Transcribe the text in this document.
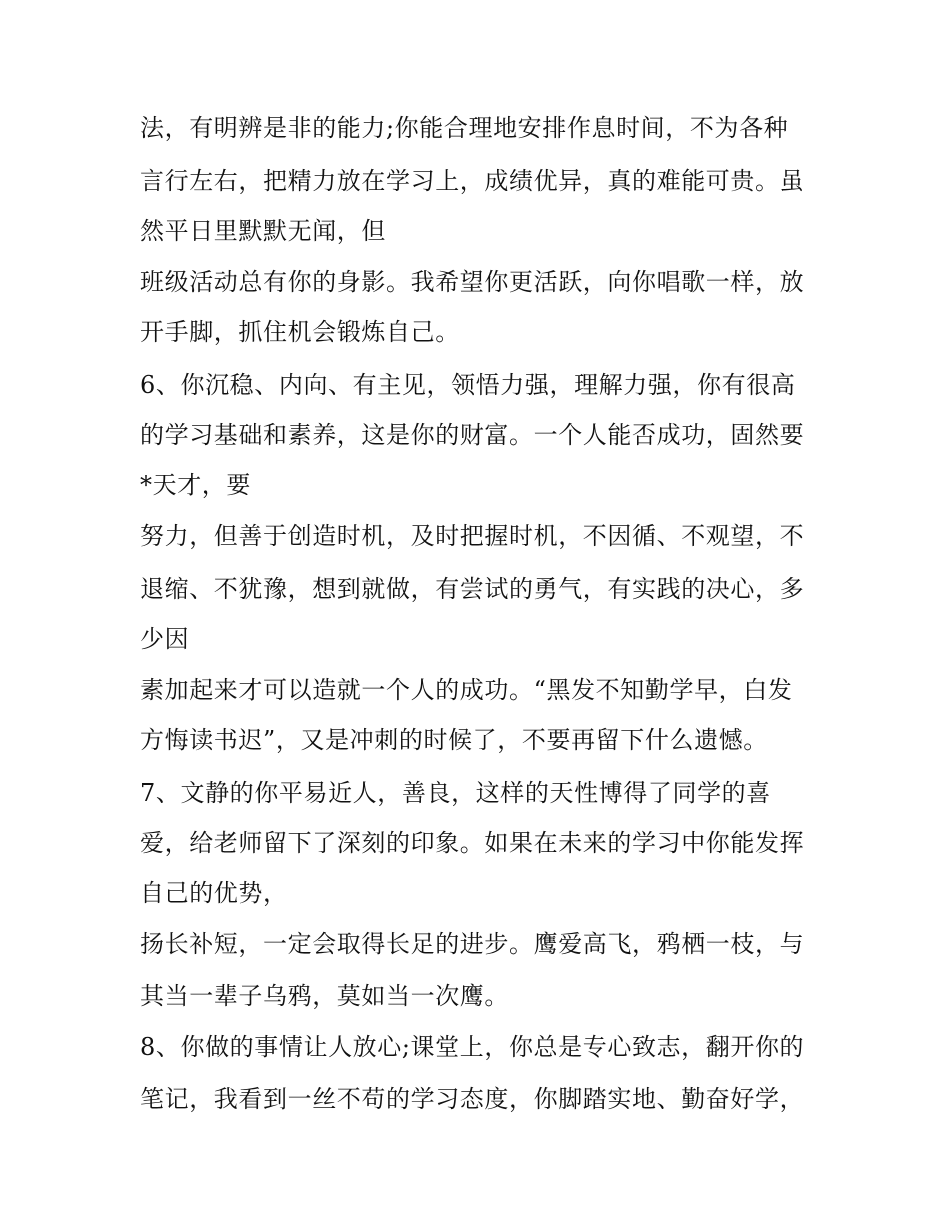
法，有明辨是非的能力;你能合理地安排作息时间，不为各种
言行左右，把精力放在学习上，成绩优异，真的难能可贵。虽
然平日里默默无闻，但
班级活动总有你的身影。我希望你更活跃，向你唱歌一样，放
开手脚，抓住机会锻炼自己。
6、你沉稳、内向、有主见，领悟力强，理解力强，你有很高
的学习基础和素养，这是你的财富。一个人能否成功，固然要
*天才，要
努力，但善于创造时机，及时把握时机，不因循、不观望，不
退缩、不犹豫，想到就做，有尝试的勇气，有实践的决心，多
少因
素加起来才可以造就一个人的成功。“黑发不知勤学早，白发
方悔读书迟”，又是冲刺的时候了，不要再留下什么遗憾。
7、文静的你平易近人，善良，这样的天性博得了同学的喜
爱，给老师留下了深刻的印象。如果在未来的学习中你能发挥
自己的优势，
扬长补短，一定会取得长足的进步。鹰爱高飞，鸦栖一枝，与
其当一辈子乌鸦，莫如当一次鹰。
8、你做的事情让人放心;课堂上，你总是专心致志，翻开你的
笔记，我看到一丝不苟的学习态度，你脚踏实地、勤奋好学，
